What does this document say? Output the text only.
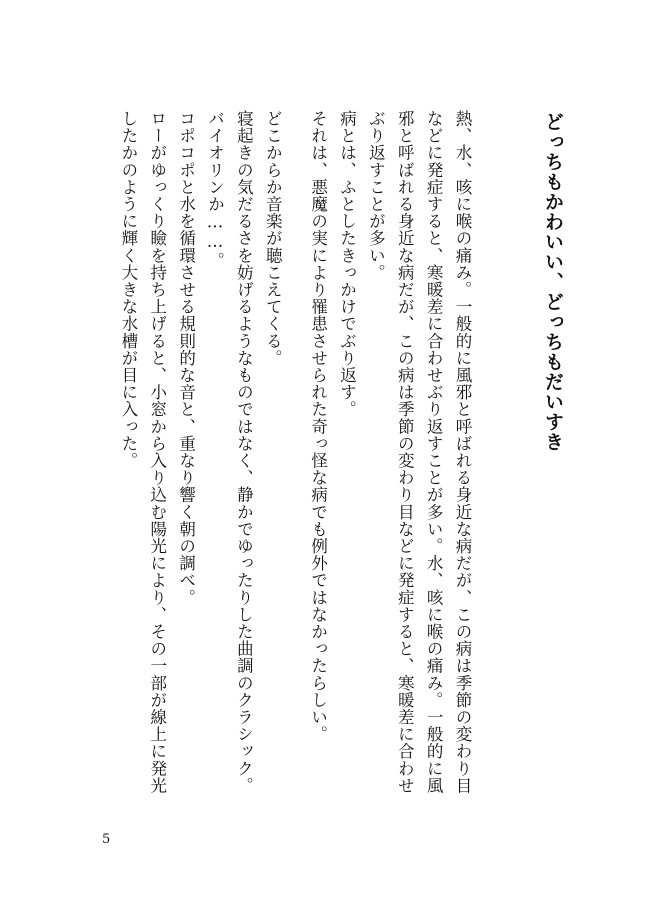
どっちもかわいい、どっちもだいすき

熱、水、咳に喉の痛み。一般的に風邪と呼ばれる身近な病だが、この病は季節の変わり目などに発症すると、寒暖差に合わせぶり返すことが多い。水、咳に喉の痛み。一般的に風邪と呼ばれる身近な病だが、この病は季節の変わり目などに発症すると、寒暖差に合わせぶり返すことが多い。

病とは、ふとしたきっかけでぶり返す。

それは、悪魔の実により罹患させられた奇っ怪な病でも例外ではなかったらしい。

どこからか音楽が聴こえてくる。

寝起きの気だるさを妨げるようなものではなく、静かでゆったりした曲調のクラシック。

バイオリンか……。

コポコポと水を循環させる規則的な音と、重なり響く朝の調べ。

ローがゆっくり瞼を持ち上げると、小窓から入り込む陽光により、その一部が線上に発光したかのように輝く大きな水槽が目に入った。

5
